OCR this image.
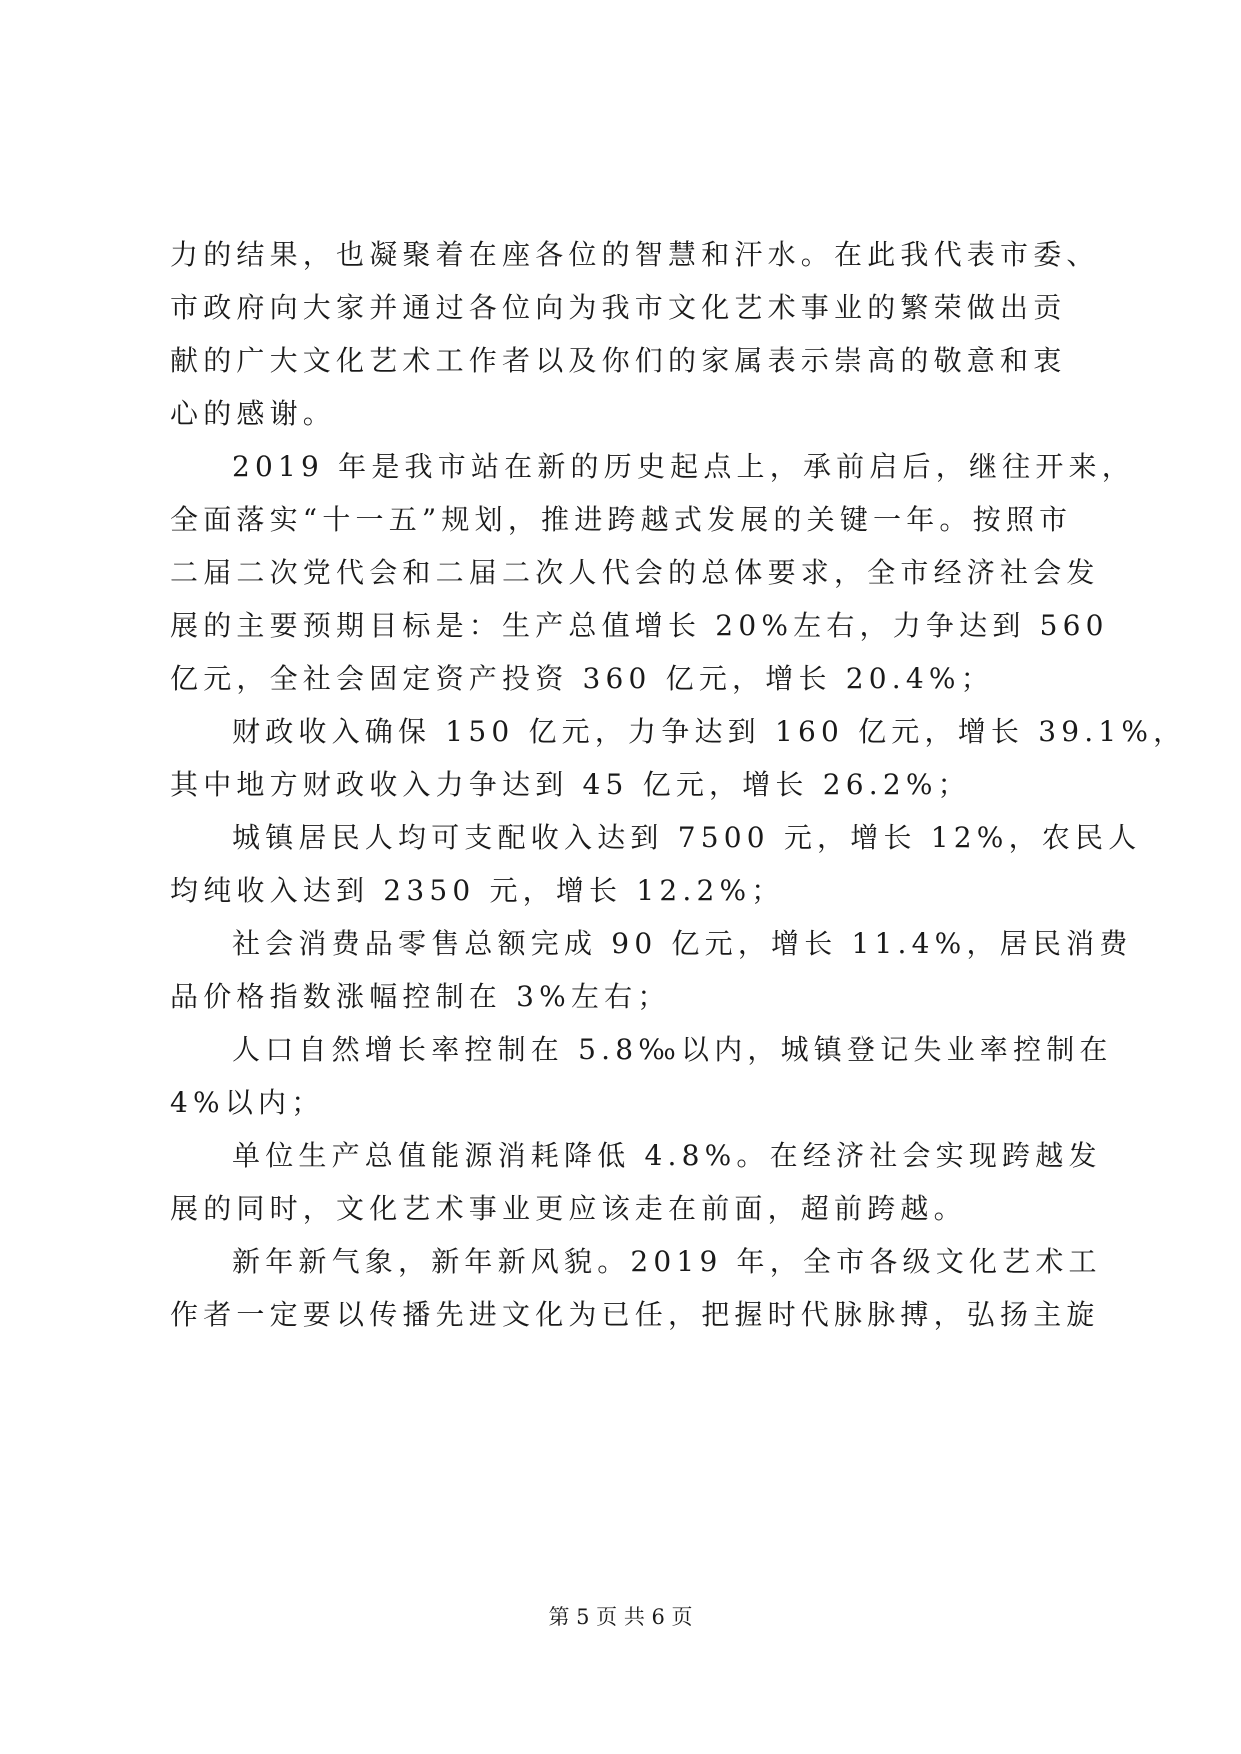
力的结果，也凝聚着在座各位的智慧和汗水。在此我代表市委、
市政府向大家并通过各位向为我市文化艺术事业的繁荣做出贡
献的广大文化艺术工作者以及你们的家属表示崇高的敬意和衷
心的感谢。
2019 年是我市站在新的历史起点上，承前启后，继往开来，
全面落实“十一五”规划，推进跨越式发展的关键一年。按照市
二届二次党代会和二届二次人代会的总体要求，全市经济社会发
展的主要预期目标是：生产总值增长 20%左右，力争达到 560
亿元，全社会固定资产投资 360 亿元，增长 20.4%；
财政收入确保 150 亿元，力争达到 160 亿元，增长 39.1%，
其中地方财政收入力争达到 45 亿元，增长 26.2%；
城镇居民人均可支配收入达到 7500 元，增长 12%，农民人
均纯收入达到 2350 元，增长 12.2%；
社会消费品零售总额完成 90 亿元，增长 11.4%，居民消费
品价格指数涨幅控制在 3%左右；
人口自然增长率控制在 5.8‰以内，城镇登记失业率控制在
4%以内；
单位生产总值能源消耗降低 4.8%。在经济社会实现跨越发
展的同时，文化艺术事业更应该走在前面，超前跨越。
新年新气象，新年新风貌。2019 年，全市各级文化艺术工
作者一定要以传播先进文化为已任，把握时代脉脉搏，弘扬主旋
第 5 页 共 6 页
